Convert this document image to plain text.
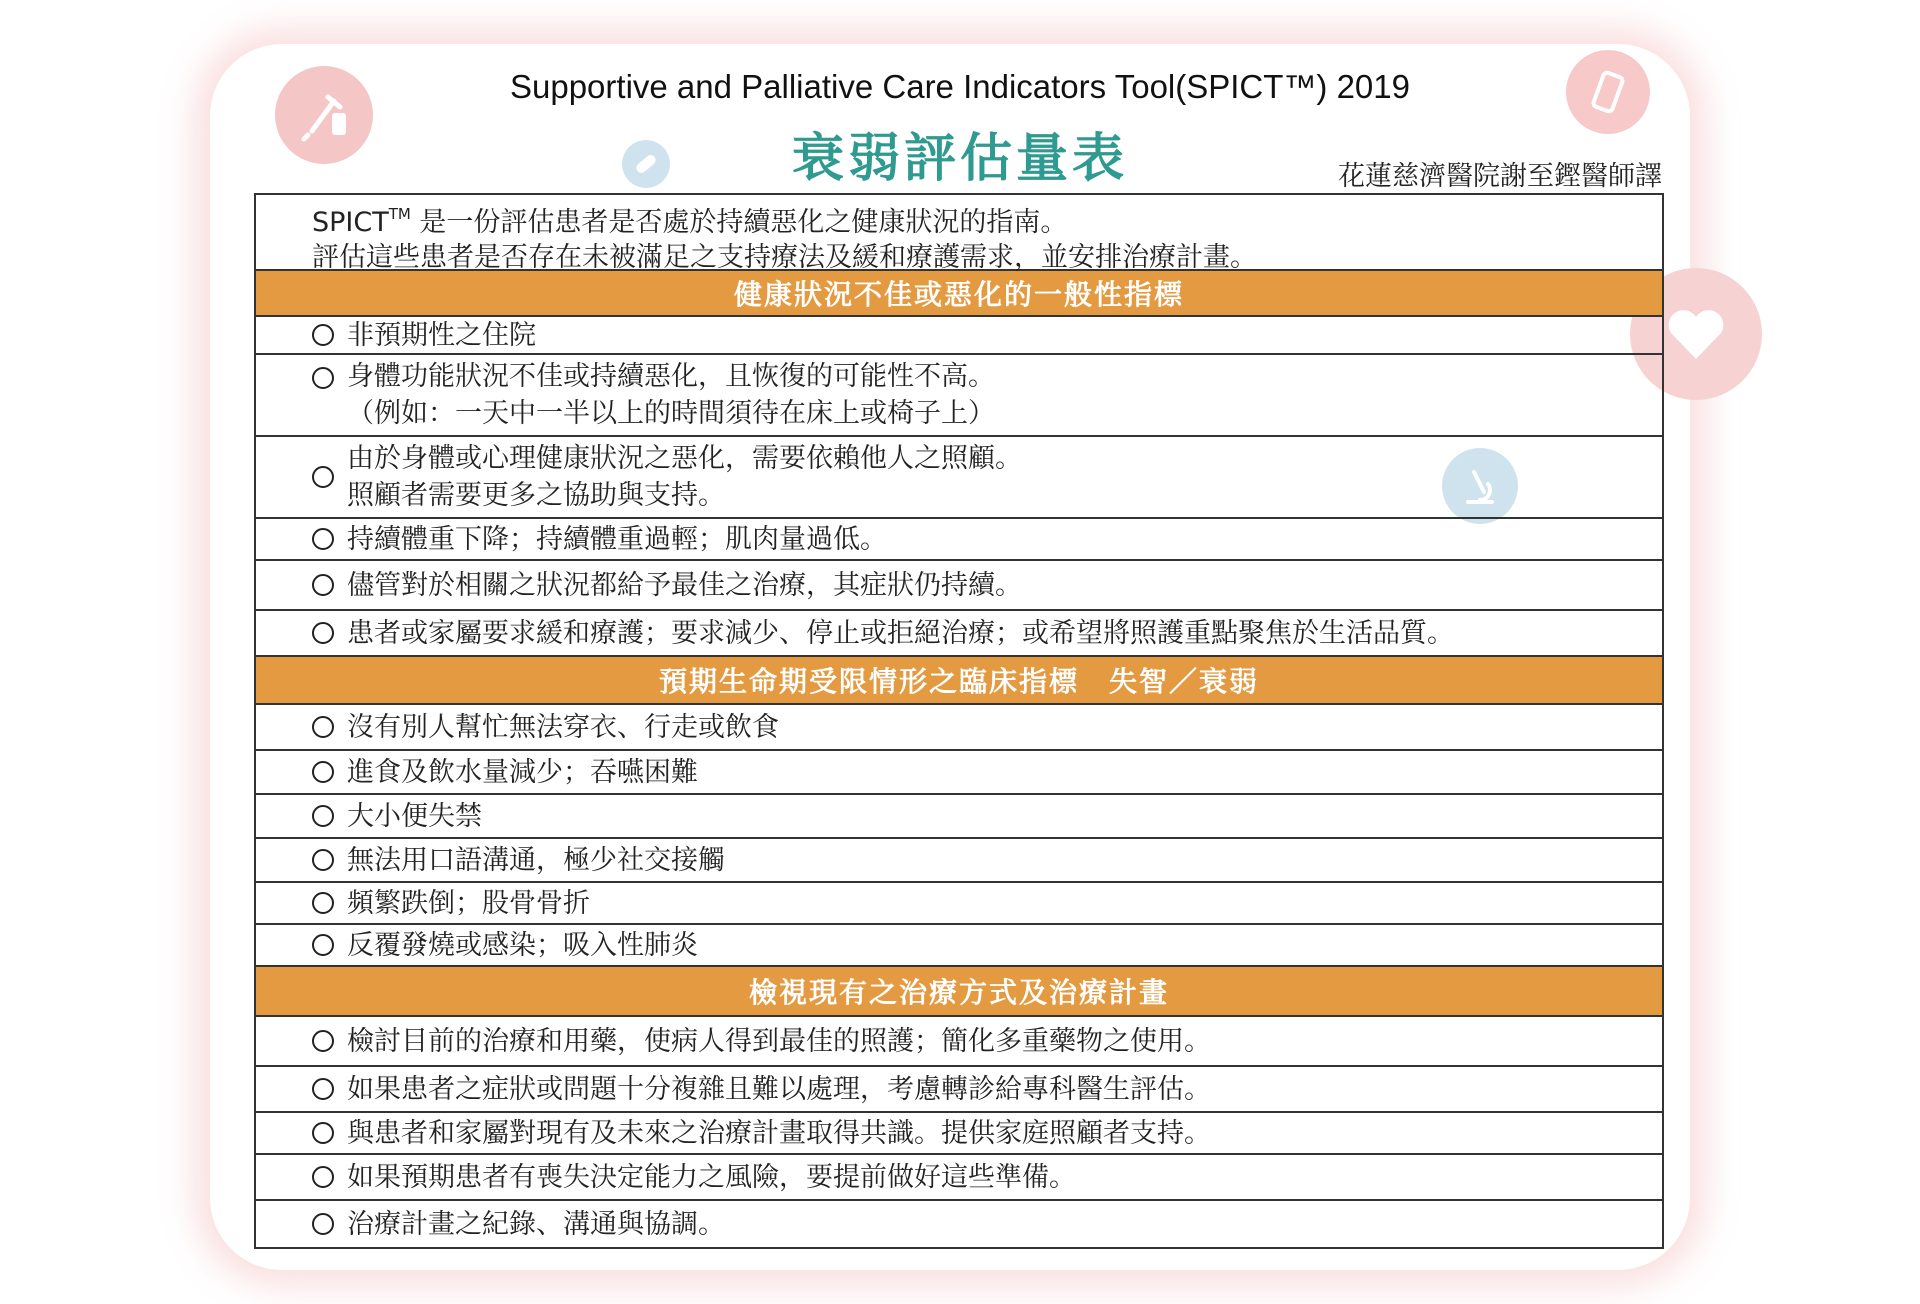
Supportive and Palliative Care Indicators Tool(SPICT™) 2019
衰弱評估量表	花蓮慈濟醫院謝至鏗醫師譯
SPICT™ 是一份評估患者是否處於持續惡化之健康狀況的指南。
評估這些患者是否存在未被滿足之支持療法及緩和療護需求，並安排治療計畫。
健康狀況不佳或惡化的一般性指標
非預期性之住院
身體功能狀況不佳或持續惡化，且恢復的可能性不高。
（例如：一天中一半以上的時間須待在床上或椅子上）
由於身體或心理健康狀況之惡化，需要依賴他人之照顧。
照顧者需要更多之協助與支持。
持續體重下降；持續體重過輕；肌肉量過低。
儘管對於相關之狀況都給予最佳之治療，其症狀仍持續。
患者或家屬要求緩和療護；要求減少、停止或拒絕治療；或希望將照護重點聚焦於生活品質。
預期生命期受限情形之臨床指標　失智／衰弱
沒有別人幫忙無法穿衣、行走或飲食
進食及飲水量減少；吞嚥困難
大小便失禁
無法用口語溝通，極少社交接觸
頻繁跌倒；股骨骨折
反覆發燒或感染；吸入性肺炎
檢視現有之治療方式及治療計畫
檢討目前的治療和用藥，使病人得到最佳的照護；簡化多重藥物之使用。
如果患者之症狀或問題十分複雜且難以處理，考慮轉診給專科醫生評估。
與患者和家屬對現有及未來之治療計畫取得共識。提供家庭照顧者支持。
如果預期患者有喪失決定能力之風險，要提前做好這些準備。
治療計畫之紀錄、溝通與協調。
